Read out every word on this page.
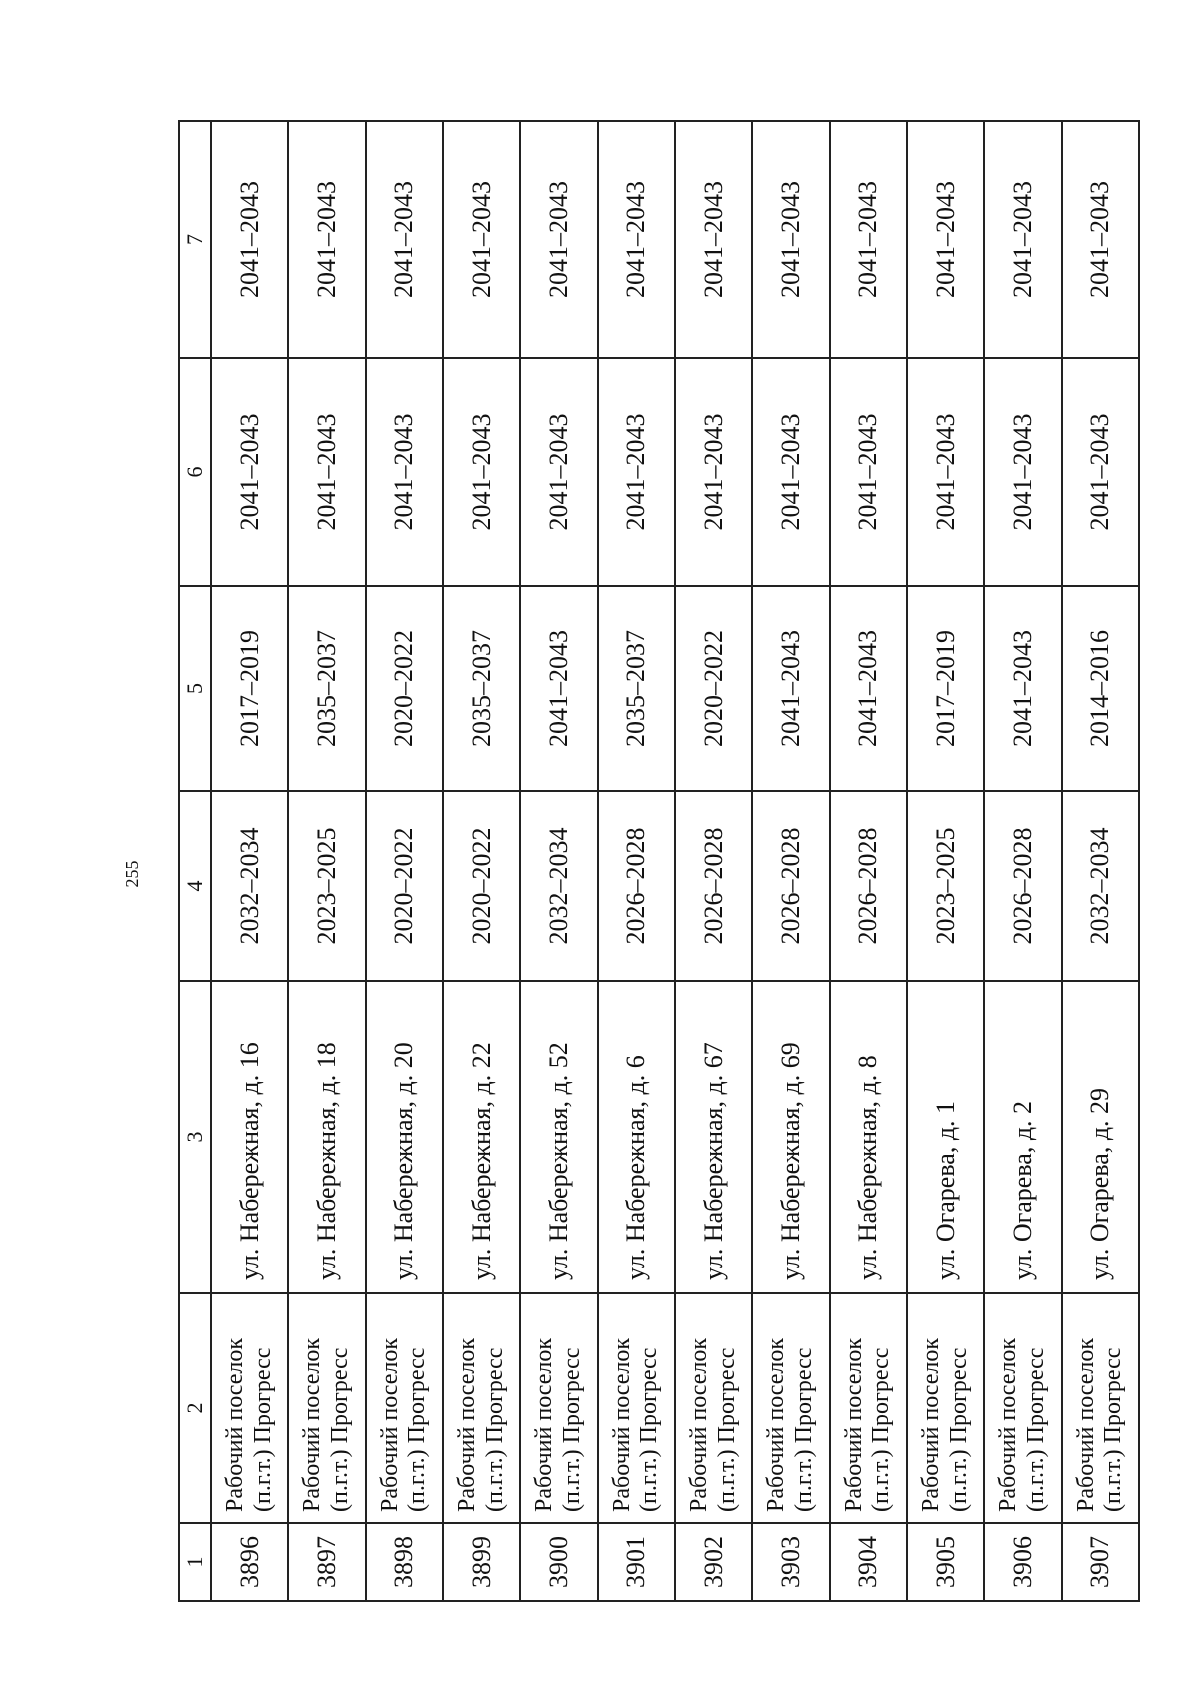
255
1	2	3	4	5	6	7
3896	Рабочий поселок (п.г.т.) Прогресс	ул. Набережная, д. 16	2032–2034	2017–2019	2041–2043	2041–2043
3897	Рабочий поселок (п.г.т.) Прогресс	ул. Набережная, д. 18	2023–2025	2035–2037	2041–2043	2041–2043
3898	Рабочий поселок (п.г.т.) Прогресс	ул. Набережная, д. 20	2020–2022	2020–2022	2041–2043	2041–2043
3899	Рабочий поселок (п.г.т.) Прогресс	ул. Набережная, д. 22	2020–2022	2035–2037	2041–2043	2041–2043
3900	Рабочий поселок (п.г.т.) Прогресс	ул. Набережная, д. 52	2032–2034	2041–2043	2041–2043	2041–2043
3901	Рабочий поселок (п.г.т.) Прогресс	ул. Набережная, д. 6	2026–2028	2035–2037	2041–2043	2041–2043
3902	Рабочий поселок (п.г.т.) Прогресс	ул. Набережная, д. 67	2026–2028	2020–2022	2041–2043	2041–2043
3903	Рабочий поселок (п.г.т.) Прогресс	ул. Набережная, д. 69	2026–2028	2041–2043	2041–2043	2041–2043
3904	Рабочий поселок (п.г.т.) Прогресс	ул. Набережная, д. 8	2026–2028	2041–2043	2041–2043	2041–2043
3905	Рабочий поселок (п.г.т.) Прогресс	ул. Огарева, д. 1	2023–2025	2017–2019	2041–2043	2041–2043
3906	Рабочий поселок (п.г.т.) Прогресс	ул. Огарева, д. 2	2026–2028	2041–2043	2041–2043	2041–2043
3907	Рабочий поселок (п.г.т.) Прогресс	ул. Огарева, д. 29	2032–2034	2014–2016	2041–2043	2041–2043
